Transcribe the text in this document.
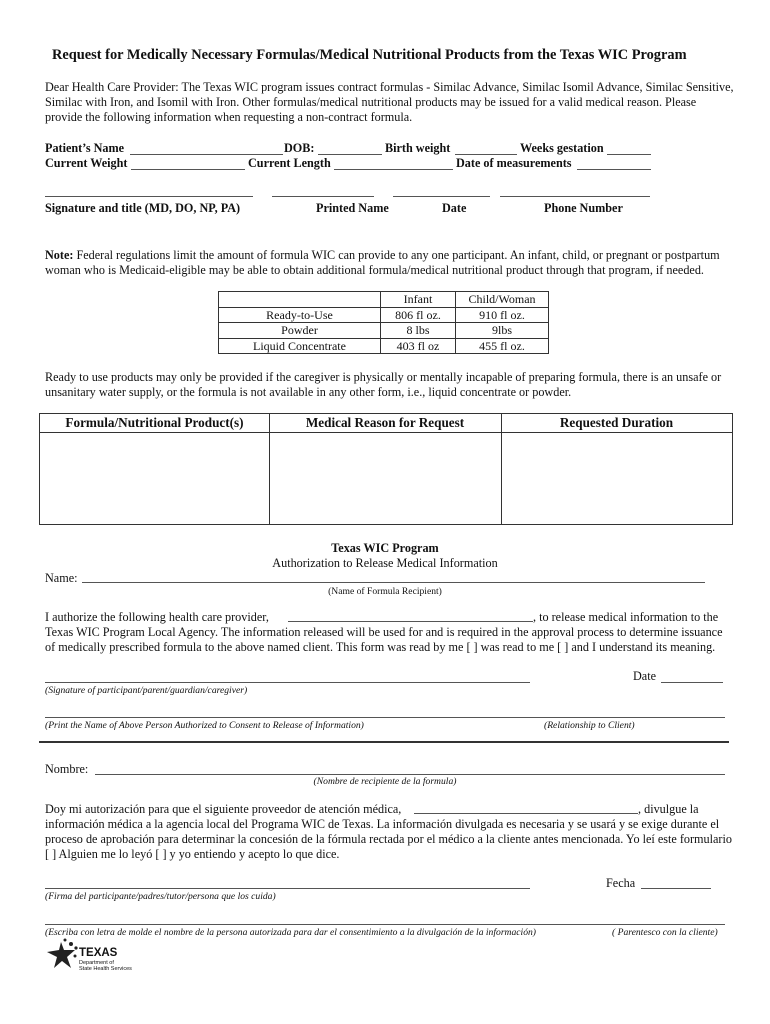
Request for Medically Necessary Formulas/Medical Nutritional Products from the Texas WIC Program
Dear Health Care Provider: The Texas WIC program issues contract formulas - Similac Advance, Similac Isomil Advance, Similac Sensitive, Similac with Iron, and Isomil with Iron. Other formulas/medical nutritional products may be issued for a valid medical reason. Please provide the following information when requesting a non-contract formula.
Patient’s Name	DOB:	Birth weight	Weeks gestation
Current Weight	Current Length	Date of measurements
Signature and title (MD, DO, NP, PA)	Printed Name	Date	Phone Number
Note: Federal regulations limit the amount of formula WIC can provide to any one participant. An infant, child, or pregnant or postpartum woman who is Medicaid-eligible may be able to obtain additional formula/medical nutritional product through that program, if needed.
	Infant	Child/Woman
Ready-to-Use	806 fl oz.	910 fl oz.
Powder	8 lbs	9lbs
Liquid Concentrate	403 fl oz	455 fl oz.
Ready to use products may only be provided if the caregiver is physically or mentally incapable of preparing formula, there is an unsafe or unsanitary water supply, or the formula is not available in any other form, i.e., liquid concentrate or powder.
Formula/Nutritional Product(s)	Medical Reason for Request	Requested Duration
Texas WIC Program
Authorization to Release Medical Information
Name:
(Name of Formula Recipient)
I authorize the following health care provider,	, to release medical information to the
Texas WIC Program Local Agency. The information released will be used for and is required in the approval process to determine issuance of medically prescribed formula to the above named client. This form was read by me [ ] was read to me [ ] and I understand its meaning.
Date
(Signature of participant/parent/guardian/caregiver)
(Print the Name of Above Person Authorized to Consent to Release of Information)	(Relationship to Client)
Nombre:
(Nombre de recipiente de la formula)
Doy mi autorización para que el siguiente proveedor de atención médica,	, divulgue la
información médica a la agencia local del Programa WIC de Texas. La información divulgada es necesaria y se usará y se exige durante el proceso de aprobación para determinar la concesión de la fórmula rectada por el médico a la cliente antes mencionada. Yo leí este formulario [ ] Alguien me lo leyó [ ] y yo entiendo y acepto lo que dice.
Fecha
(Firma del participante/padres/tutor/persona que los cuida)
(Escriba con letra de molde el nombre de la persona autorizada para dar el consentimiento a la divulgación de la información)	( Parentesco con la cliente)
TEXAS
Department of
State Health Services
